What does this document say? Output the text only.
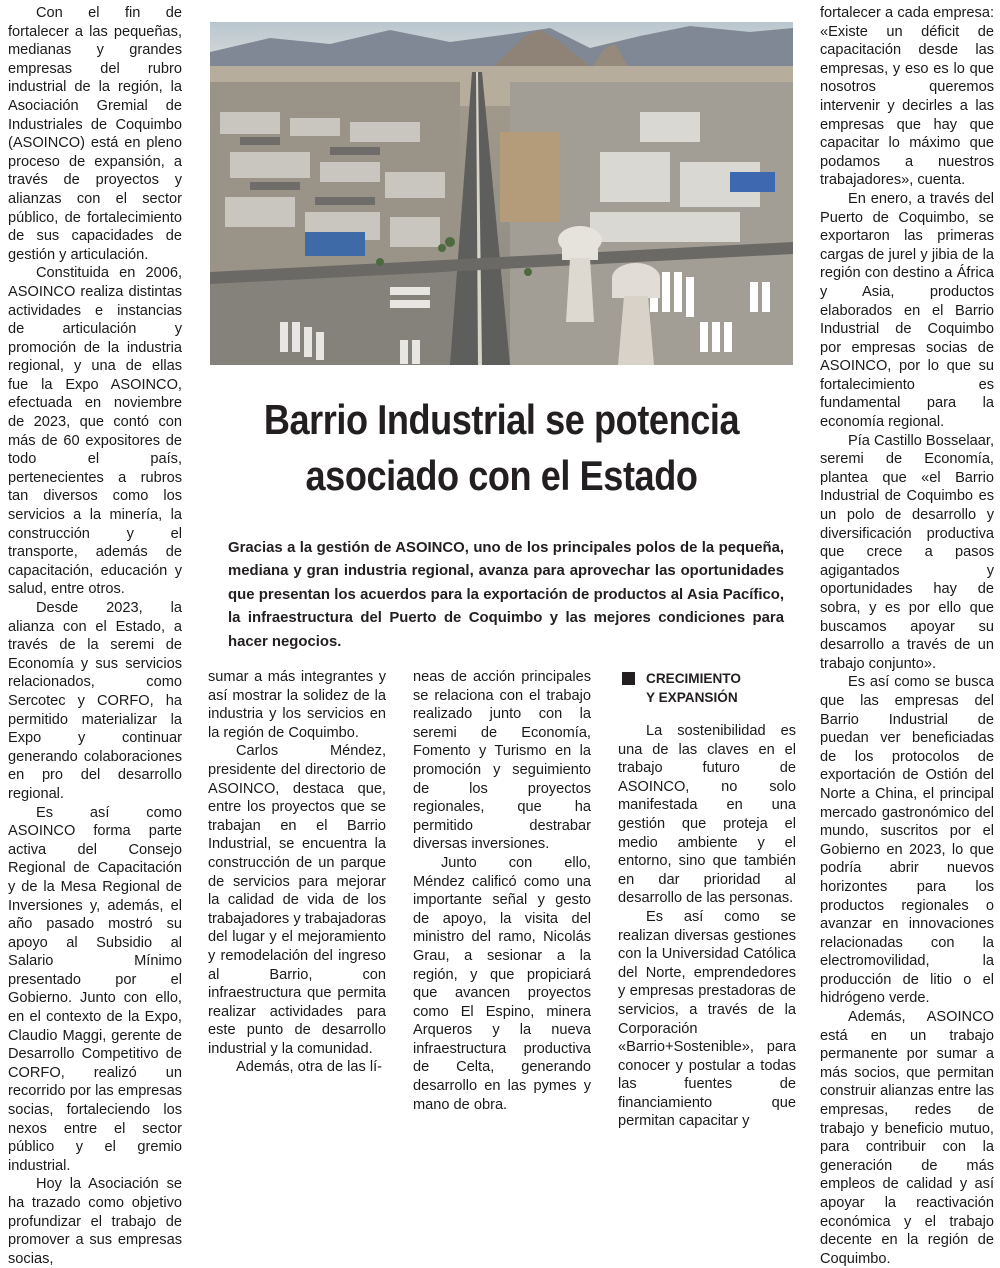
Con el fin de fortalecer a las pequeñas, medianas y grandes empresas del rubro industrial de la región, la Asociación Gremial de Industriales de Coquimbo (ASOINCO) está en pleno proceso de expansión, a través de proyectos y alianzas con el sector público, de fortalecimiento de sus capacidades de gestión y articulación.

Constituida en 2006, ASOINCO realiza distintas actividades e instancias de articulación y promoción de la industria regional, y una de ellas fue la Expo ASOINCO, efectuada en noviembre de 2023, que contó con más de 60 expositores de todo el país, pertenecientes a rubros tan diversos como los servicios a la minería, la construcción y el transporte, además de capacitación, educación y salud, entre otros.

Desde 2023, la alianza con el Estado, a través de la seremi de Economía y sus servicios relacionados, como Sercotec y CORFO, ha permitido materializar la Expo y continuar generando colaboraciones en pro del desarrollo regional.

Es así como ASOINCO forma parte activa del Consejo Regional de Capacitación y de la Mesa Regional de Inversiones y, además, el año pasado mostró su apoyo al Subsidio al Salario Mínimo presentado por el Gobierno. Junto con ello, en el contexto de la Expo, Claudio Maggi, gerente de Desarrollo Competitivo de CORFO, realizó un recorrido por las empresas socias, fortaleciendo los nexos entre el sector público y el gremio industrial.

Hoy la Asociación se ha trazado como objetivo profundizar el trabajo de promover a sus empresas socias,

Barrio Industrial se potencia
asociado con el Estado
Gracias a la gestión de ASOINCO, uno de los principales polos de la pequeña, mediana y gran industria regional, avanza para aprovechar las oportunidades que presentan los acuerdos para la exportación de productos al Asia Pacífico, la infraestructura del Puerto de Coquimbo y las mejores condiciones para hacer negocios.

sumar a más integrantes y así mostrar la solidez de la industria y los servicios en la región de Coquimbo.

Carlos Méndez, presidente del directorio de ASOINCO, destaca que, entre los proyectos que se trabajan en el Barrio Industrial, se encuentra la construcción de un parque de servicios para mejorar la calidad de vida de los trabajadores y trabajadoras del lugar y el mejoramiento y remodelación del ingreso al Barrio, con infraestructura que permita realizar actividades para este punto de desarrollo industrial y la comunidad.

Además, otra de las lí-

neas de acción principales se relaciona con el trabajo realizado junto con la seremi de Economía, Fomento y Turismo en la promoción y seguimiento de los proyectos regionales, que ha permitido destrabar diversas inversiones.

Junto con ello, Méndez calificó como una importante señal y gesto de apoyo, la visita del ministro del ramo, Nicolás Grau, a sesionar a la región, y que propiciará que avancen proyectos como El Espino, minera Arqueros y la nueva infraestructura productiva de Celta, generando desarrollo en las pymes y mano de obra.

CRECIMIENTO
Y EXPANSIÓN

La sostenibilidad es una de las claves en el trabajo futuro de ASOINCO, no solo manifestada en una gestión que proteja el medio ambiente y el entorno, sino que también en dar prioridad al desarrollo de las personas.

Es así como se realizan diversas gestiones con la Universidad Católica del Norte, emprendedores y empresas prestadoras de servicios, a través de la Corporación «Barrio+Sostenible», para conocer y postular a todas las fuentes de financiamiento que permitan capacitar y

fortalecer a cada empresa: «Existe un déficit de capacitación desde las empresas, y eso es lo que nosotros queremos intervenir y decirles a las empresas que hay que capacitar lo máximo que podamos a nuestros trabajadores», cuenta.

En enero, a través del Puerto de Coquimbo, se exportaron las primeras cargas de jurel y jibia de la región con destino a África y Asia, productos elaborados en el Barrio Industrial de Coquimbo por empresas socias de ASOINCO, por lo que su fortalecimiento es fundamental para la economía regional.

Pía Castillo Bosselaar, seremi de Economía, plantea que «el Barrio Industrial de Coquimbo es un polo de desarrollo y diversificación productiva que crece a pasos agigantados y oportunidades hay de sobra, y es por ello que buscamos apoyar su desarrollo a través de un trabajo conjunto».

Es así como se busca que las empresas del Barrio Industrial de puedan ver beneficiadas de los protocolos de exportación de Ostión del Norte a China, el principal mercado gastronómico del mundo, suscritos por el Gobierno en 2023, lo que podría abrir nuevos horizontes para los productos regionales o avanzar en innovaciones relacionadas con la electromovilidad, la producción de litio o el hidrógeno verde.

Además, ASOINCO está en un trabajo permanente por sumar a más socios, que permitan construir alianzas entre las empresas, redes de trabajo y beneficio mutuo, para contribuir con la generación de más empleos de calidad y así apoyar la reactivación económica y el trabajo decente en la región de Coquimbo.
